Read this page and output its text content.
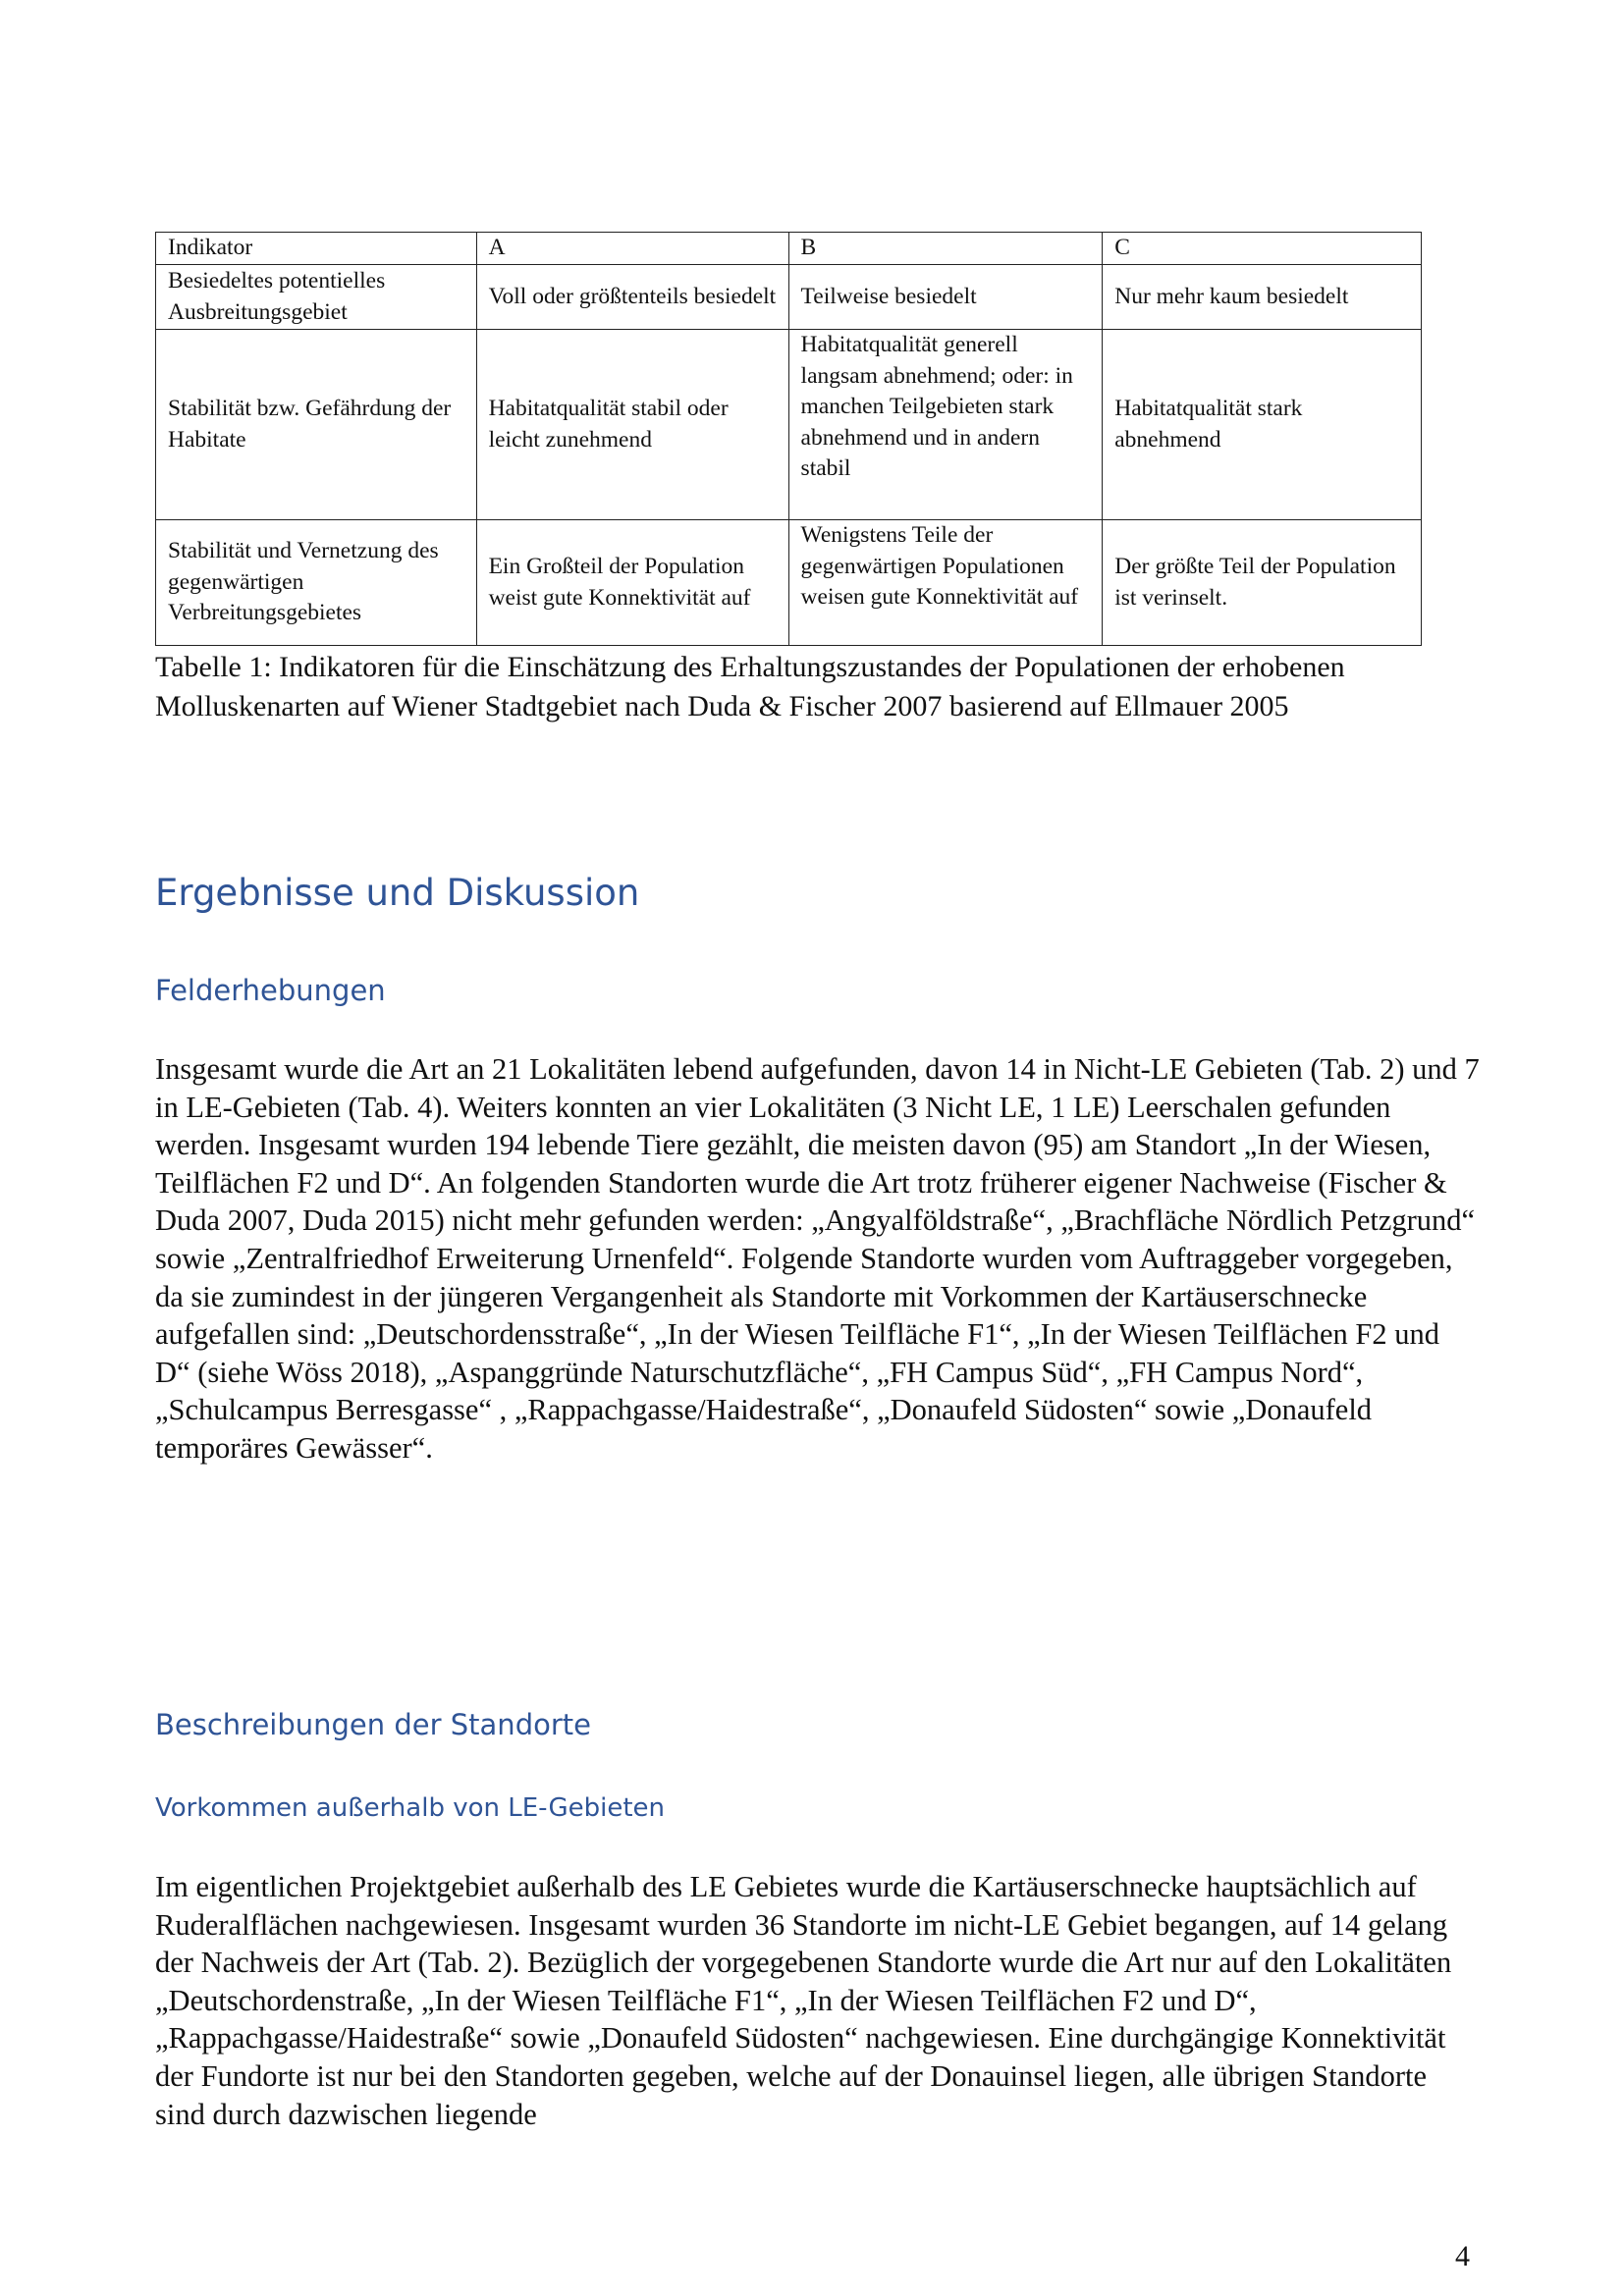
Indikator	A	B	C
Besiedeltes potentielles Ausbreitungsgebiet	Voll oder größtenteils besiedelt	Teilweise besiedelt	Nur mehr kaum besiedelt
Stabilität bzw. Gefährdung der Habitate	Habitatqualität stabil oder leicht zunehmend	Habitatqualität generell langsam abnehmend; oder: in manchen Teilgebieten stark abnehmend und in andern stabil	Habitatqualität stark abnehmend
Stabilität und Vernetzung des gegenwärtigen Verbreitungsgebietes	Ein Großteil der Population weist gute Konnektivität auf	Wenigstens Teile der gegenwärtigen Populationen weisen gute Konnektivität auf	Der größte Teil der Population ist verinselt.

Tabelle 1: Indikatoren für die Einschätzung des Erhaltungszustandes der Populationen der erhobenen Molluskenarten auf Wiener Stadtgebiet nach Duda & Fischer 2007 basierend auf Ellmauer 2005

Ergebnisse und Diskussion
Felderhebungen

Insgesamt wurde die Art an 21 Lokalitäten lebend aufgefunden, davon 14 in Nicht-LE Gebieten (Tab. 2) und 7 in LE-Gebieten (Tab. 4). Weiters konnten an vier Lokalitäten (3 Nicht LE, 1 LE) Leerschalen gefunden werden. Insgesamt wurden 194 lebende Tiere gezählt, die meisten davon (95) am Standort „In der Wiesen, Teilflächen F2 und D“. An folgenden Standorten wurde die Art trotz früherer eigener Nachweise (Fischer & Duda 2007, Duda 2015) nicht mehr gefunden werden: „Angyalföldstraße“, „Brachfläche Nördlich Petzgrund“ sowie „Zentralfriedhof Erweiterung Urnenfeld“. Folgende Standorte wurden vom Auftraggeber vorgegeben, da sie zumindest in der jüngeren Vergangenheit als Standorte mit Vorkommen der Kartäuserschnecke aufgefallen sind: „Deutschordensstraße“, „In der Wiesen Teilfläche F1“, „In der Wiesen Teilflächen F2 und D“ (siehe Wöss 2018), „Aspanggründe Naturschutzfläche“, „FH Campus Süd“, „FH Campus Nord“, „Schulcampus Berresgasse“ , „Rappachgasse/Haidestraße“, „Donaufeld Südosten“ sowie „Donaufeld temporäres Gewässer“.

Beschreibungen der Standorte
Vorkommen außerhalb von LE-Gebieten

Im eigentlichen Projektgebiet außerhalb des LE Gebietes wurde die Kartäuserschnecke hauptsächlich auf Ruderalflächen nachgewiesen. Insgesamt wurden 36 Standorte im nicht-LE Gebiet begangen, auf 14 gelang der Nachweis der Art (Tab. 2). Bezüglich der vorgegebenen Standorte wurde die Art nur auf den Lokalitäten „Deutschordenstraße, „In der Wiesen Teilfläche F1“, „In der Wiesen Teilflächen F2 und D“, „Rappachgasse/Haidestraße“ sowie „Donaufeld Südosten“ nachgewiesen. Eine durchgängige Konnektivität der Fundorte ist nur bei den Standorten gegeben, welche auf der Donauinsel liegen, alle übrigen Standorte sind durch dazwischen liegende

4
